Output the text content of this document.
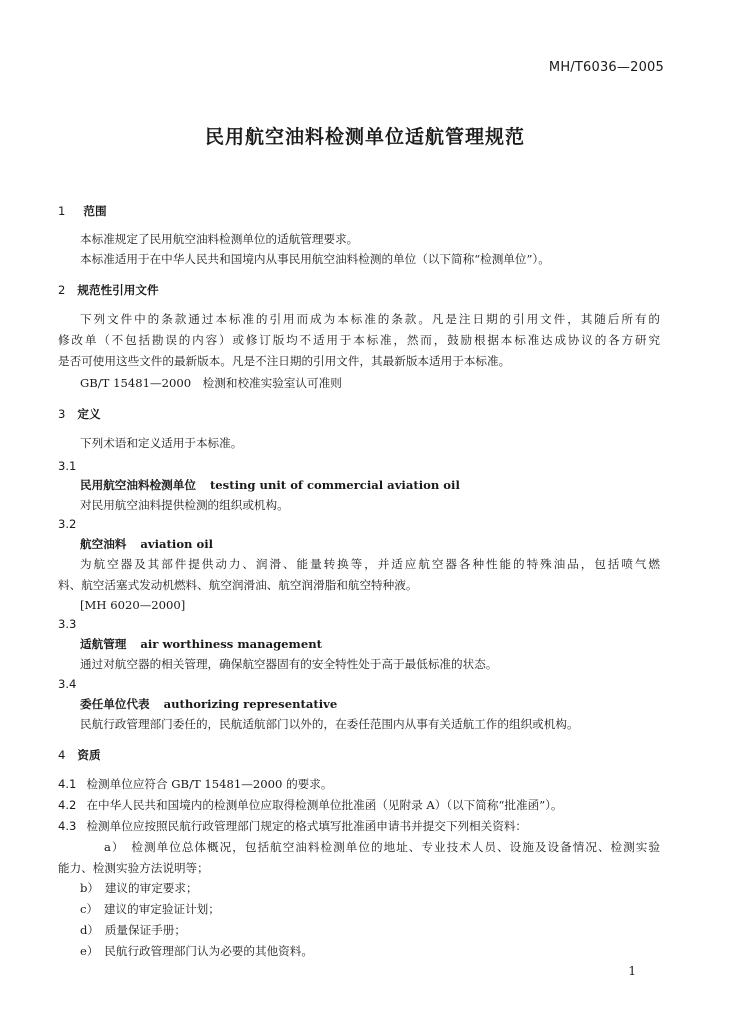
MH/T6036—2005
民用航空油料检测单位适航管理规范
1 范围
本标准规定了民用航空油料检测单位的适航管理要求。
本标准适用于在中华人民共和国境内从事民用航空油料检测的单位（以下简称“检测单位”）。
2 规范性引用文件
下列文件中的条款通过本标准的引用而成为本标准的条款。凡是注日期的引用文件，其随后所有的
修改单（不包括勘误的内容）或修订版均不适用于本标准，然而，鼓励根据本标准达成协议的各方研究
是否可使用这些文件的最新版本。凡是不注日期的引用文件，其最新版本适用于本标准。
GB/T 15481—2000　检测和校准实验室认可准则
3 定义
下列术语和定义适用于本标准。
3.1
民用航空油料检测单位 testing unit of commercial aviation oil
对民用航空油料提供检测的组织或机构。
3.2
航空油料 aviation oil
为航空器及其部件提供动力、润滑、能量转换等，并适应航空器各种性能的特殊油品，包括喷气燃
料、航空活塞式发动机燃料、航空润滑油、航空润滑脂和航空特种液。
[MH 6020—2000]
3.3
适航管理 air worthiness management
通过对航空器的相关管理，确保航空器固有的安全特性处于高于最低标准的状态。
3.4
委任单位代表 authorizing representative
民航行政管理部门委任的，民航适航部门以外的，在委任范围内从事有关适航工作的组织或机构。
4 资质
4.1 检测单位应符合 GB/T 15481—2000 的要求。
4.2 在中华人民共和国境内的检测单位应取得检测单位批准函（见附录 A）（以下简称“批准函”）。
4.3 检测单位应按照民航行政管理部门规定的格式填写批准函申请书并提交下列相关资料：
a）　 检测单位总体概况，包括航空油料检测单位的地址、专业技术人员、设施及设备情况、检测实验
能力、检测实验方法说明等；
b）　 建议的审定要求；
c）　 建议的审定验证计划；
d）　 质量保证手册；
e）　 民航行政管理部门认为必要的其他资料。
1
